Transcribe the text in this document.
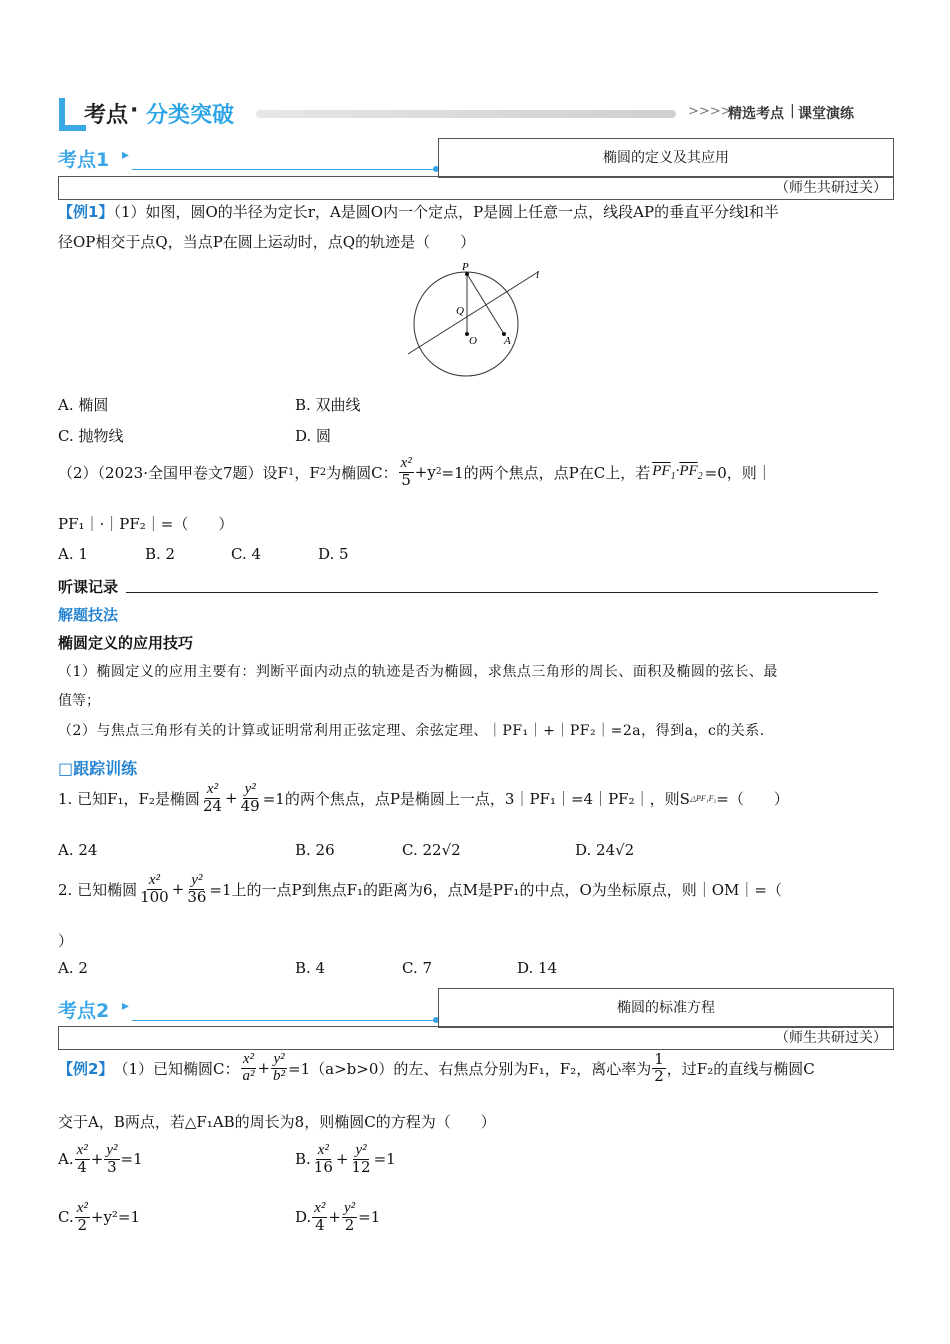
考点 · 分类突破	>>>>
精选考点 | 课堂演练
考点1 ▸	椭圆的定义及其应用
（师生共研过关）
【例1】（1）如图，圆O的半径为定长r，A是圆O内一个定点，P是圆上任意一点，线段AP的垂直平分线l和半
径OP相交于点Q，当点P在圆上运动时，点Q的轨迹是（　　）
P
Q
O A
l
A. 椭圆	B. 双曲线
C. 抛物线	D. 圆
（2）（2023·全国甲卷文7题）设F 1 ，F 2 为椭圆C： $\frac{\text{x²}}{5} +y$ 2 =1的两个焦点，点P在C上，若 $\overline{PF}_1\cdot\overline{PF}_2 =0$，则｜
PF₁｜·｜PF₂｜=（　　）
A. 1	B. 2	C. 4	D. 5
听课记录
解题技法
椭圆定义的应用技巧
（1）椭圆定义的应用主要有：判断平面内动点的轨迹是否为椭圆，求焦点三角形的周长、面积及椭圆的弦长、最
值等；
（2）与焦点三角形有关的计算或证明常利用正弦定理、余弦定理、｜PF₁｜+｜PF₂｜=2a，得到a，c的关系.
□跟踪训练
1. 已知F₁，F₂是椭圆 $\frac{\text{x²}}{24} + \frac{\text{y²}}{49} =1$的两个焦点，点P是椭圆上一点，3｜PF₁｜=4｜PF₂｜，则S △PF₁F₂ =（　　）
A. 24	B. 26	C. 22√2	D. 24√2
2. 已知椭圆 $\frac{\text{x²}}{100} + \frac{\text{y²}}{36} =1$上的一点P到焦点F₁的距离为6，点M是PF₁的中点，O为坐标原点，则｜OM｜=（
）
A. 2	B. 4	C. 7	D. 14
考点2 ▸	椭圆的标准方程
（师生共研过关）
【例2】 （1）已知椭圆C： $\frac{\text{x²}}{\text{a²}} + \frac{\text{y²}}{\text{b²}} =1(a>b>0)$的左、右焦点分别为F₁，F₂，离心率为 $\frac{1}{2}$ ，过F₂的直线与椭圆C
交于A，B两点，若△F₁AB的周长为8，则椭圆C的方程为（　　）
A. $\frac{\text{x²}}{4} + \frac{\text{y²}}{3} =1$	B. $\frac{\text{x²}}{16} + \frac{\text{y²}}{12} =1$
C. $\frac{\text{x²}}{2} +y^2=1$	D. $\frac{\text{x²}}{4} + \frac{\text{y²}}{2} =1$
